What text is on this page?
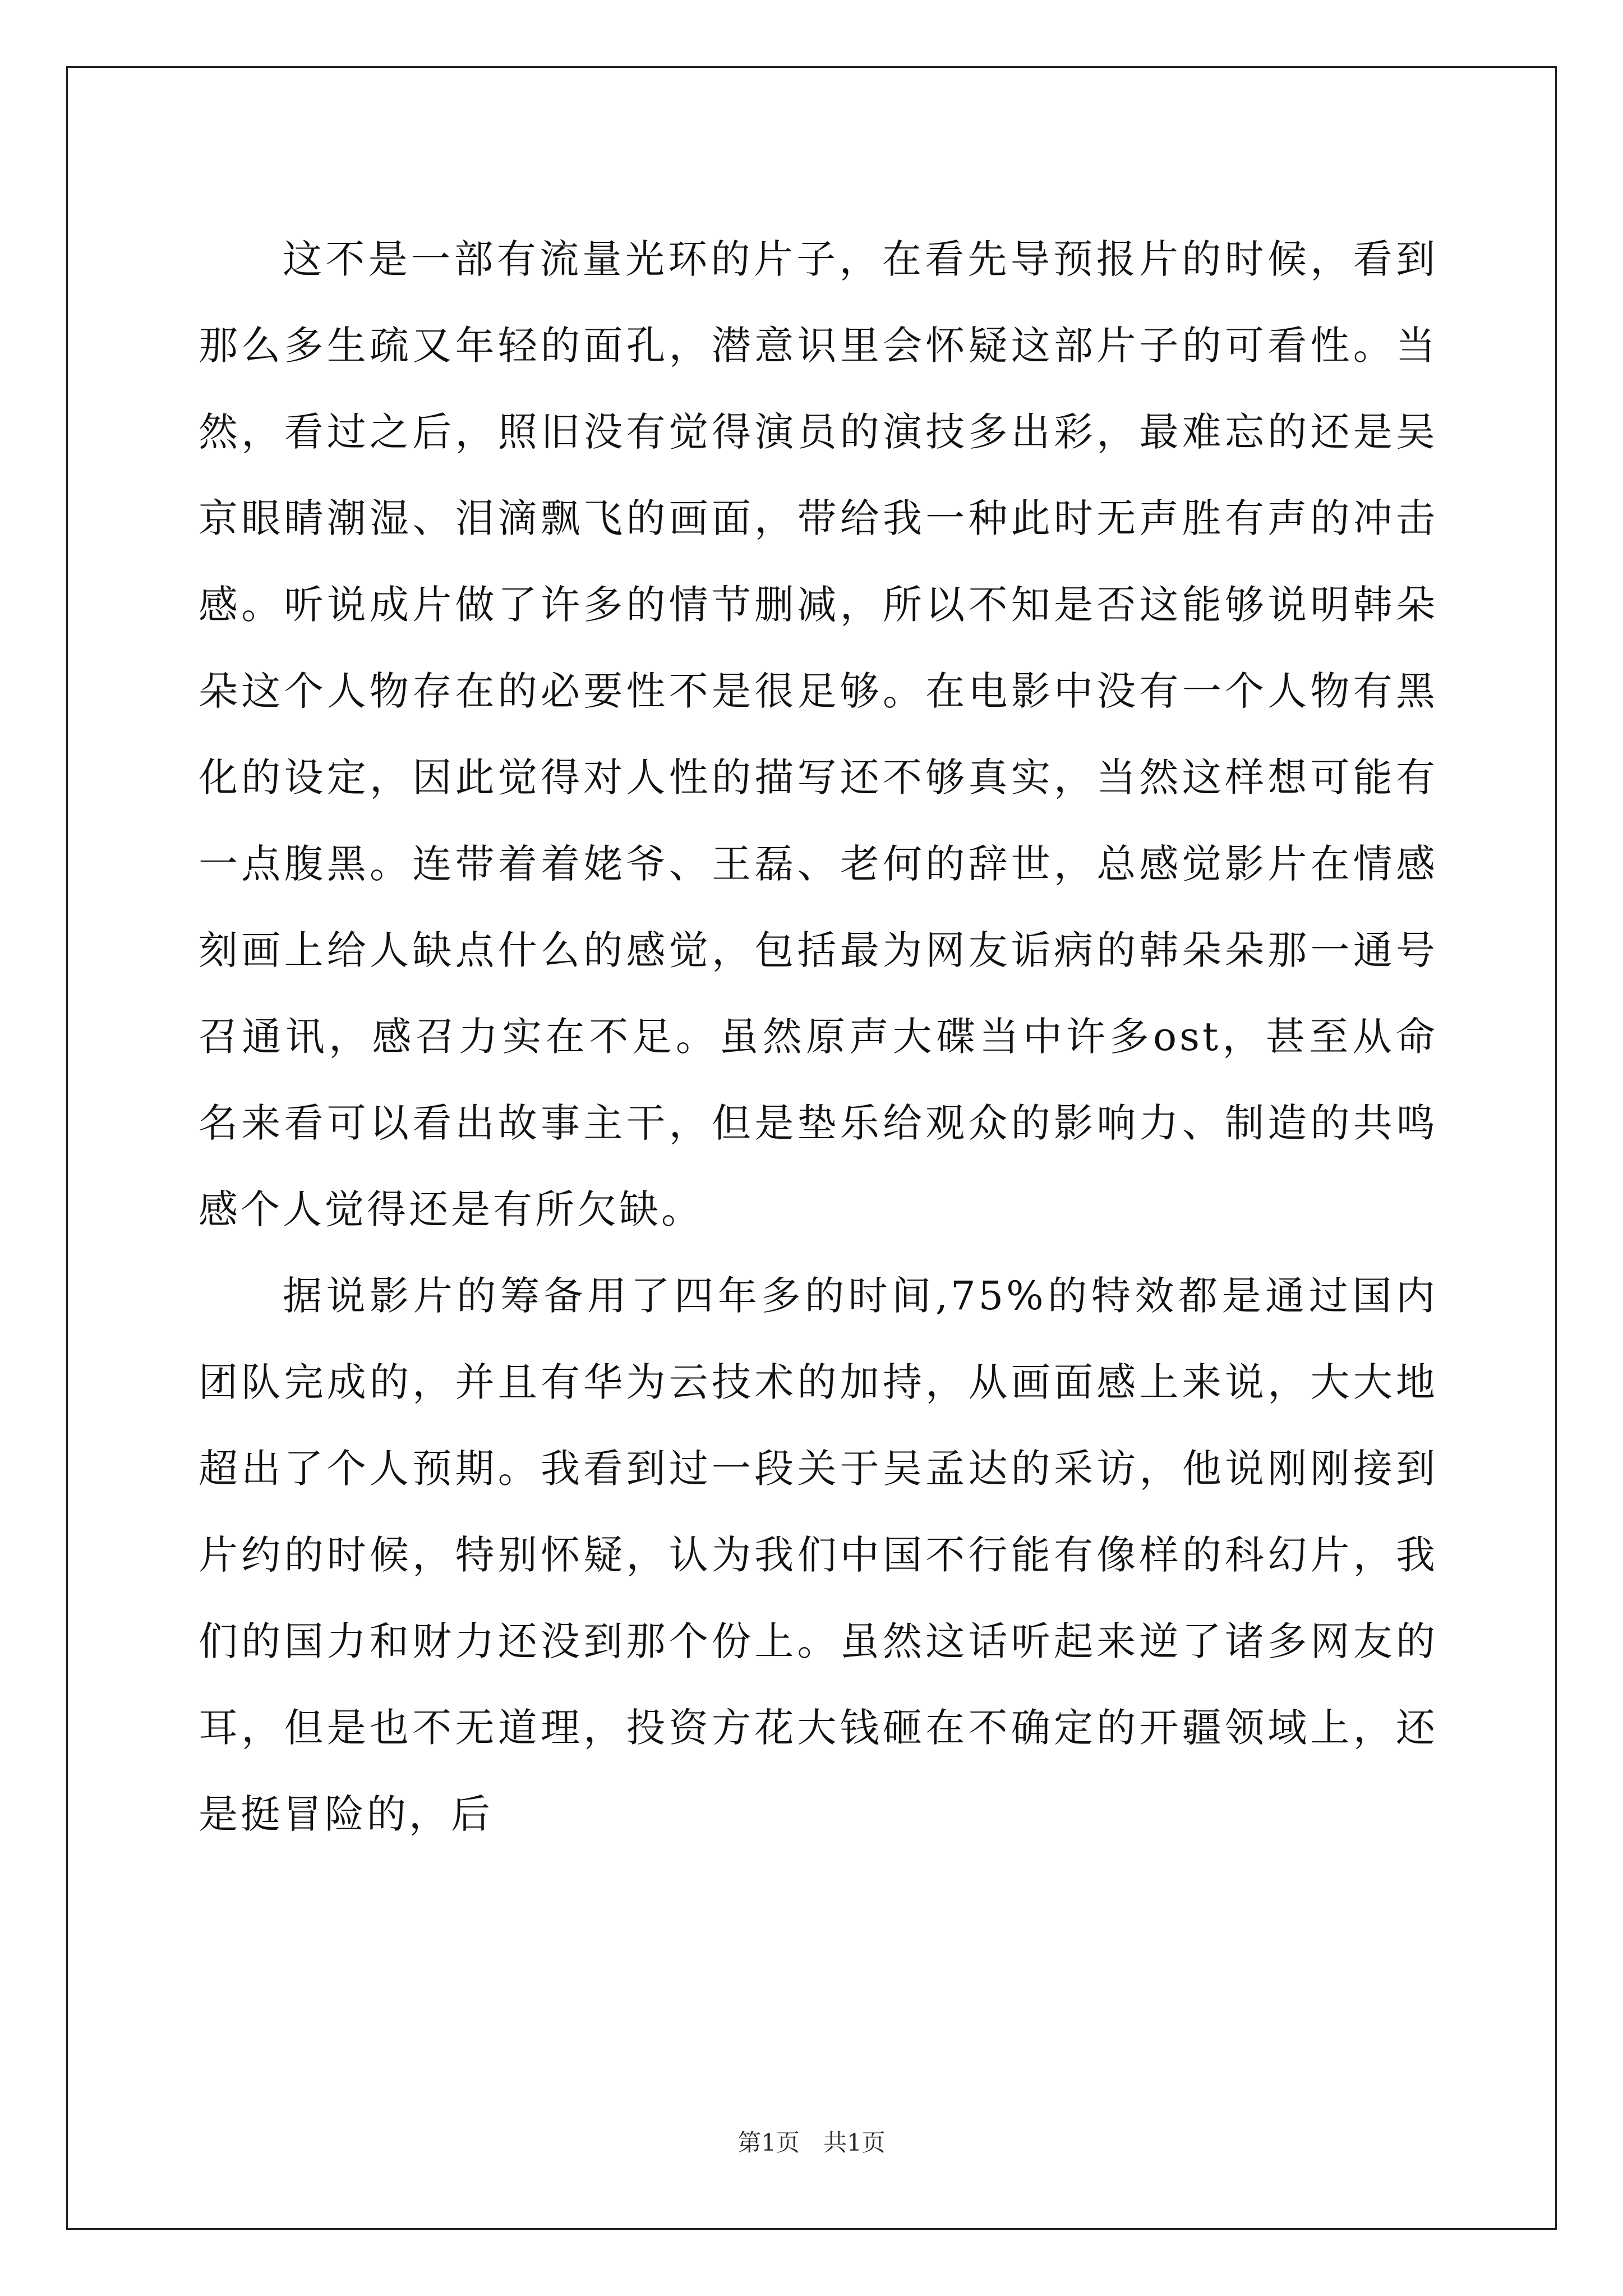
这不是一部有流量光环的片子，在看先导预报片的时候，看到那么多生疏又年轻的面孔，潜意识里会怀疑这部片子的可看性。当然，看过之后，照旧没有觉得演员的演技多出彩，最难忘的还是吴京眼睛潮湿、泪滴飘飞的画面，带给我一种此时无声胜有声的冲击感。听说成片做了许多的情节删减，所以不知是否这能够说明韩朵朵这个人物存在的必要性不是很足够。在电影中没有一个人物有黑化的设定，因此觉得对人性的描写还不够真实，当然这样想可能有一点腹黑。连带着着姥爷、王磊、老何的辞世，总感觉影片在情感刻画上给人缺点什么的感觉，包括最为网友诟病的韩朵朵那一通号召通讯，感召力实在不足。虽然原声大碟当中许多ost，甚至从命名来看可以看出故事主干，但是垫乐给观众的影响力、制造的共鸣感个人觉得还是有所欠缺。

据说影片的筹备用了四年多的时间,75%的特效都是通过国内团队完成的，并且有华为云技术的加持，从画面感上来说，大大地超出了个人预期。我看到过一段关于吴孟达的采访，他说刚刚接到片约的时候，特别怀疑，认为我们中国不行能有像样的科幻片，我们的国力和财力还没到那个份上。虽然这话听起来逆了诸多网友的耳，但是也不无道理，投资方花大钱砸在不确定的开疆领域上，还是挺冒险的，后

第1页 共1页
